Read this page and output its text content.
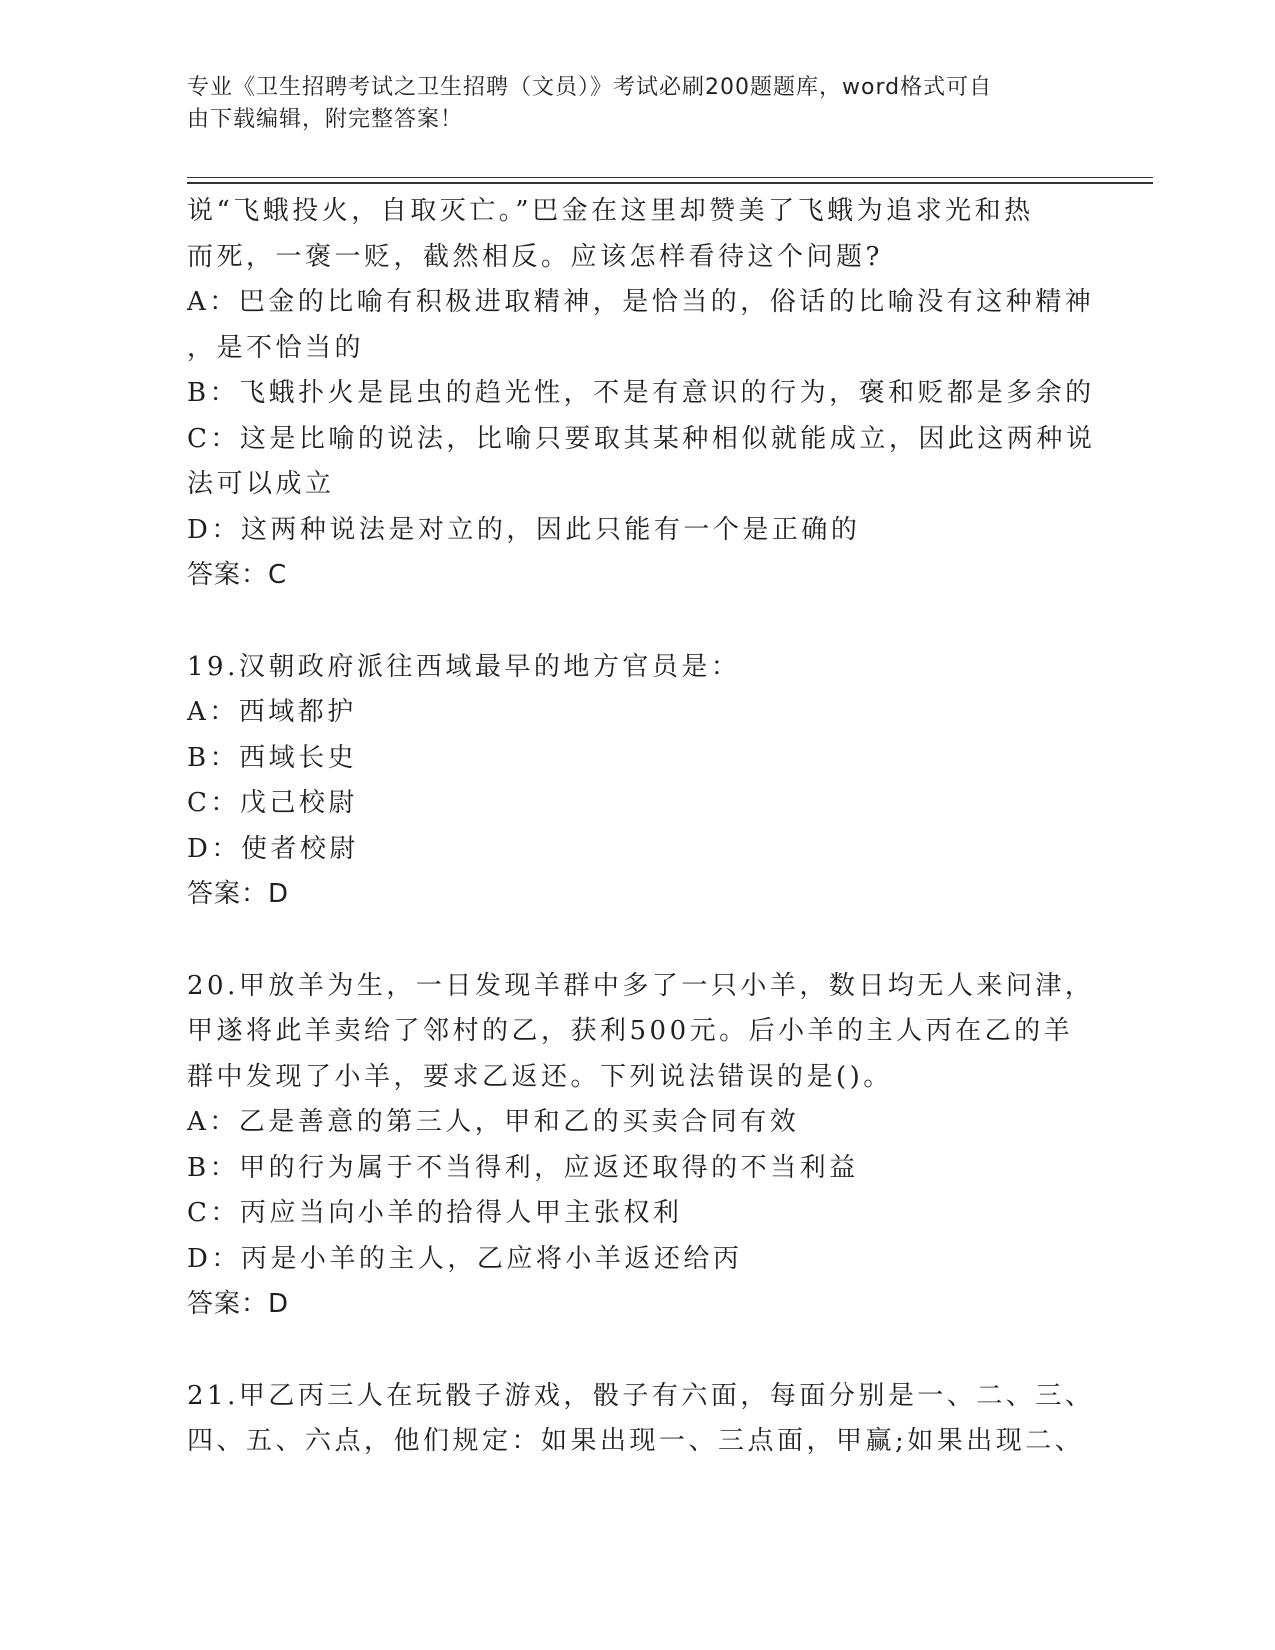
专业《卫生招聘考试之卫生招聘（文员）》考试必刷200题题库，word格式可自
由下载编辑，附完整答案！
说“飞蛾投火，自取灭亡。”巴金在这里却赞美了飞蛾为追求光和热
而死，一褒一贬，截然相反。应该怎样看待这个问题?
A：巴金的比喻有积极进取精神，是恰当的，俗话的比喻没有这种精神
，是不恰当的
B：飞蛾扑火是昆虫的趋光性，不是有意识的行为，褒和贬都是多余的
C：这是比喻的说法，比喻只要取其某种相似就能成立，因此这两种说
法可以成立
D：这两种说法是对立的，因此只能有一个是正确的
答案：C
19.汉朝政府派往西域最早的地方官员是：
A：西域都护
B：西域长史
C：戊己校尉
D：使者校尉
答案：D
20.甲放羊为生，一日发现羊群中多了一只小羊，数日均无人来问津，
甲遂将此羊卖给了邻村的乙，获利500元。后小羊的主人丙在乙的羊
群中发现了小羊，要求乙返还。下列说法错误的是()。
A：乙是善意的第三人，甲和乙的买卖合同有效
B：甲的行为属于不当得利，应返还取得的不当利益
C：丙应当向小羊的拾得人甲主张权利
D：丙是小羊的主人，乙应将小羊返还给丙
答案：D
21.甲乙丙三人在玩骰子游戏，骰子有六面，每面分别是一、二、三、
四、五、六点，他们规定：如果出现一、三点面，甲赢;如果出现二、
